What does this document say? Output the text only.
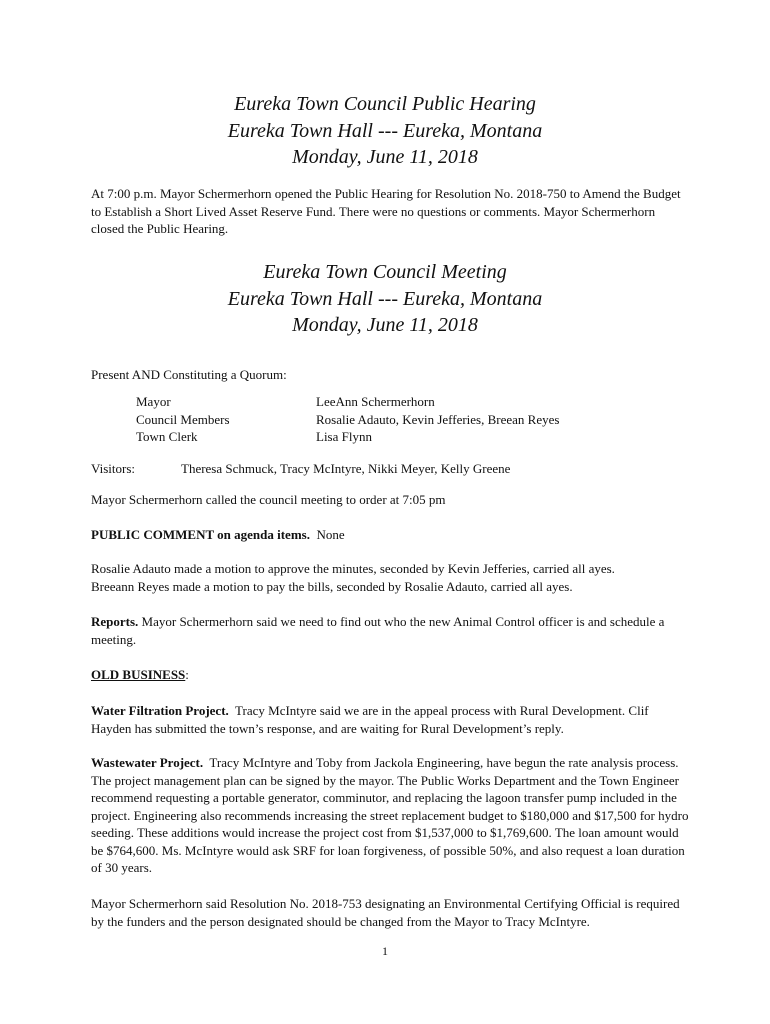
Eureka Town Council Public Hearing
Eureka Town Hall --- Eureka, Montana
Monday, June 11, 2018

At 7:00 p.m. Mayor Schermerhorn opened the Public Hearing for Resolution No. 2018-750 to Amend the Budget to Establish a Short Lived Asset Reserve Fund. There were no questions or comments. Mayor Schermerhorn closed the Public Hearing.

Eureka Town Council Meeting
Eureka Town Hall --- Eureka, Montana
Monday, June 11, 2018

Present AND Constituting a Quorum:

Mayor	LeeAnn Schermerhorn
Council Members	Rosalie Adauto, Kevin Jefferies, Breean Reyes
Town Clerk	Lisa Flynn
Visitors:	Theresa Schmuck, Tracy McIntyre, Nikki Meyer, Kelly Greene

Mayor Schermerhorn called the council meeting to order at 7:05 pm

PUBLIC COMMENT on agenda items. None

Rosalie Adauto made a motion to approve the minutes, seconded by Kevin Jefferies, carried all ayes.
Breeann Reyes made a motion to pay the bills, seconded by Rosalie Adauto, carried all ayes.

Reports. Mayor Schermerhorn said we need to find out who the new Animal Control officer is and schedule a meeting.

OLD BUSINESS:

Water Filtration Project. Tracy McIntyre said we are in the appeal process with Rural Development. Clif Hayden has submitted the town’s response, and are waiting for Rural Development’s reply.

Wastewater Project. Tracy McIntyre and Toby from Jackola Engineering, have begun the rate analysis process. The project management plan can be signed by the mayor. The Public Works Department and the Town Engineer recommend requesting a portable generator, comminutor, and replacing the lagoon transfer pump included in the project. Engineering also recommends increasing the street replacement budget to $180,000 and $17,500 for hydro seeding. These additions would increase the project cost from $1,537,000 to $1,769,600. The loan amount would be $764,600. Ms. McIntyre would ask SRF for loan forgiveness, of possible 50%, and also request a loan duration of 30 years.

Mayor Schermerhorn said Resolution No. 2018-753 designating an Environmental Certifying Official is required by the funders and the person designated should be changed from the Mayor to Tracy McIntyre.

1
